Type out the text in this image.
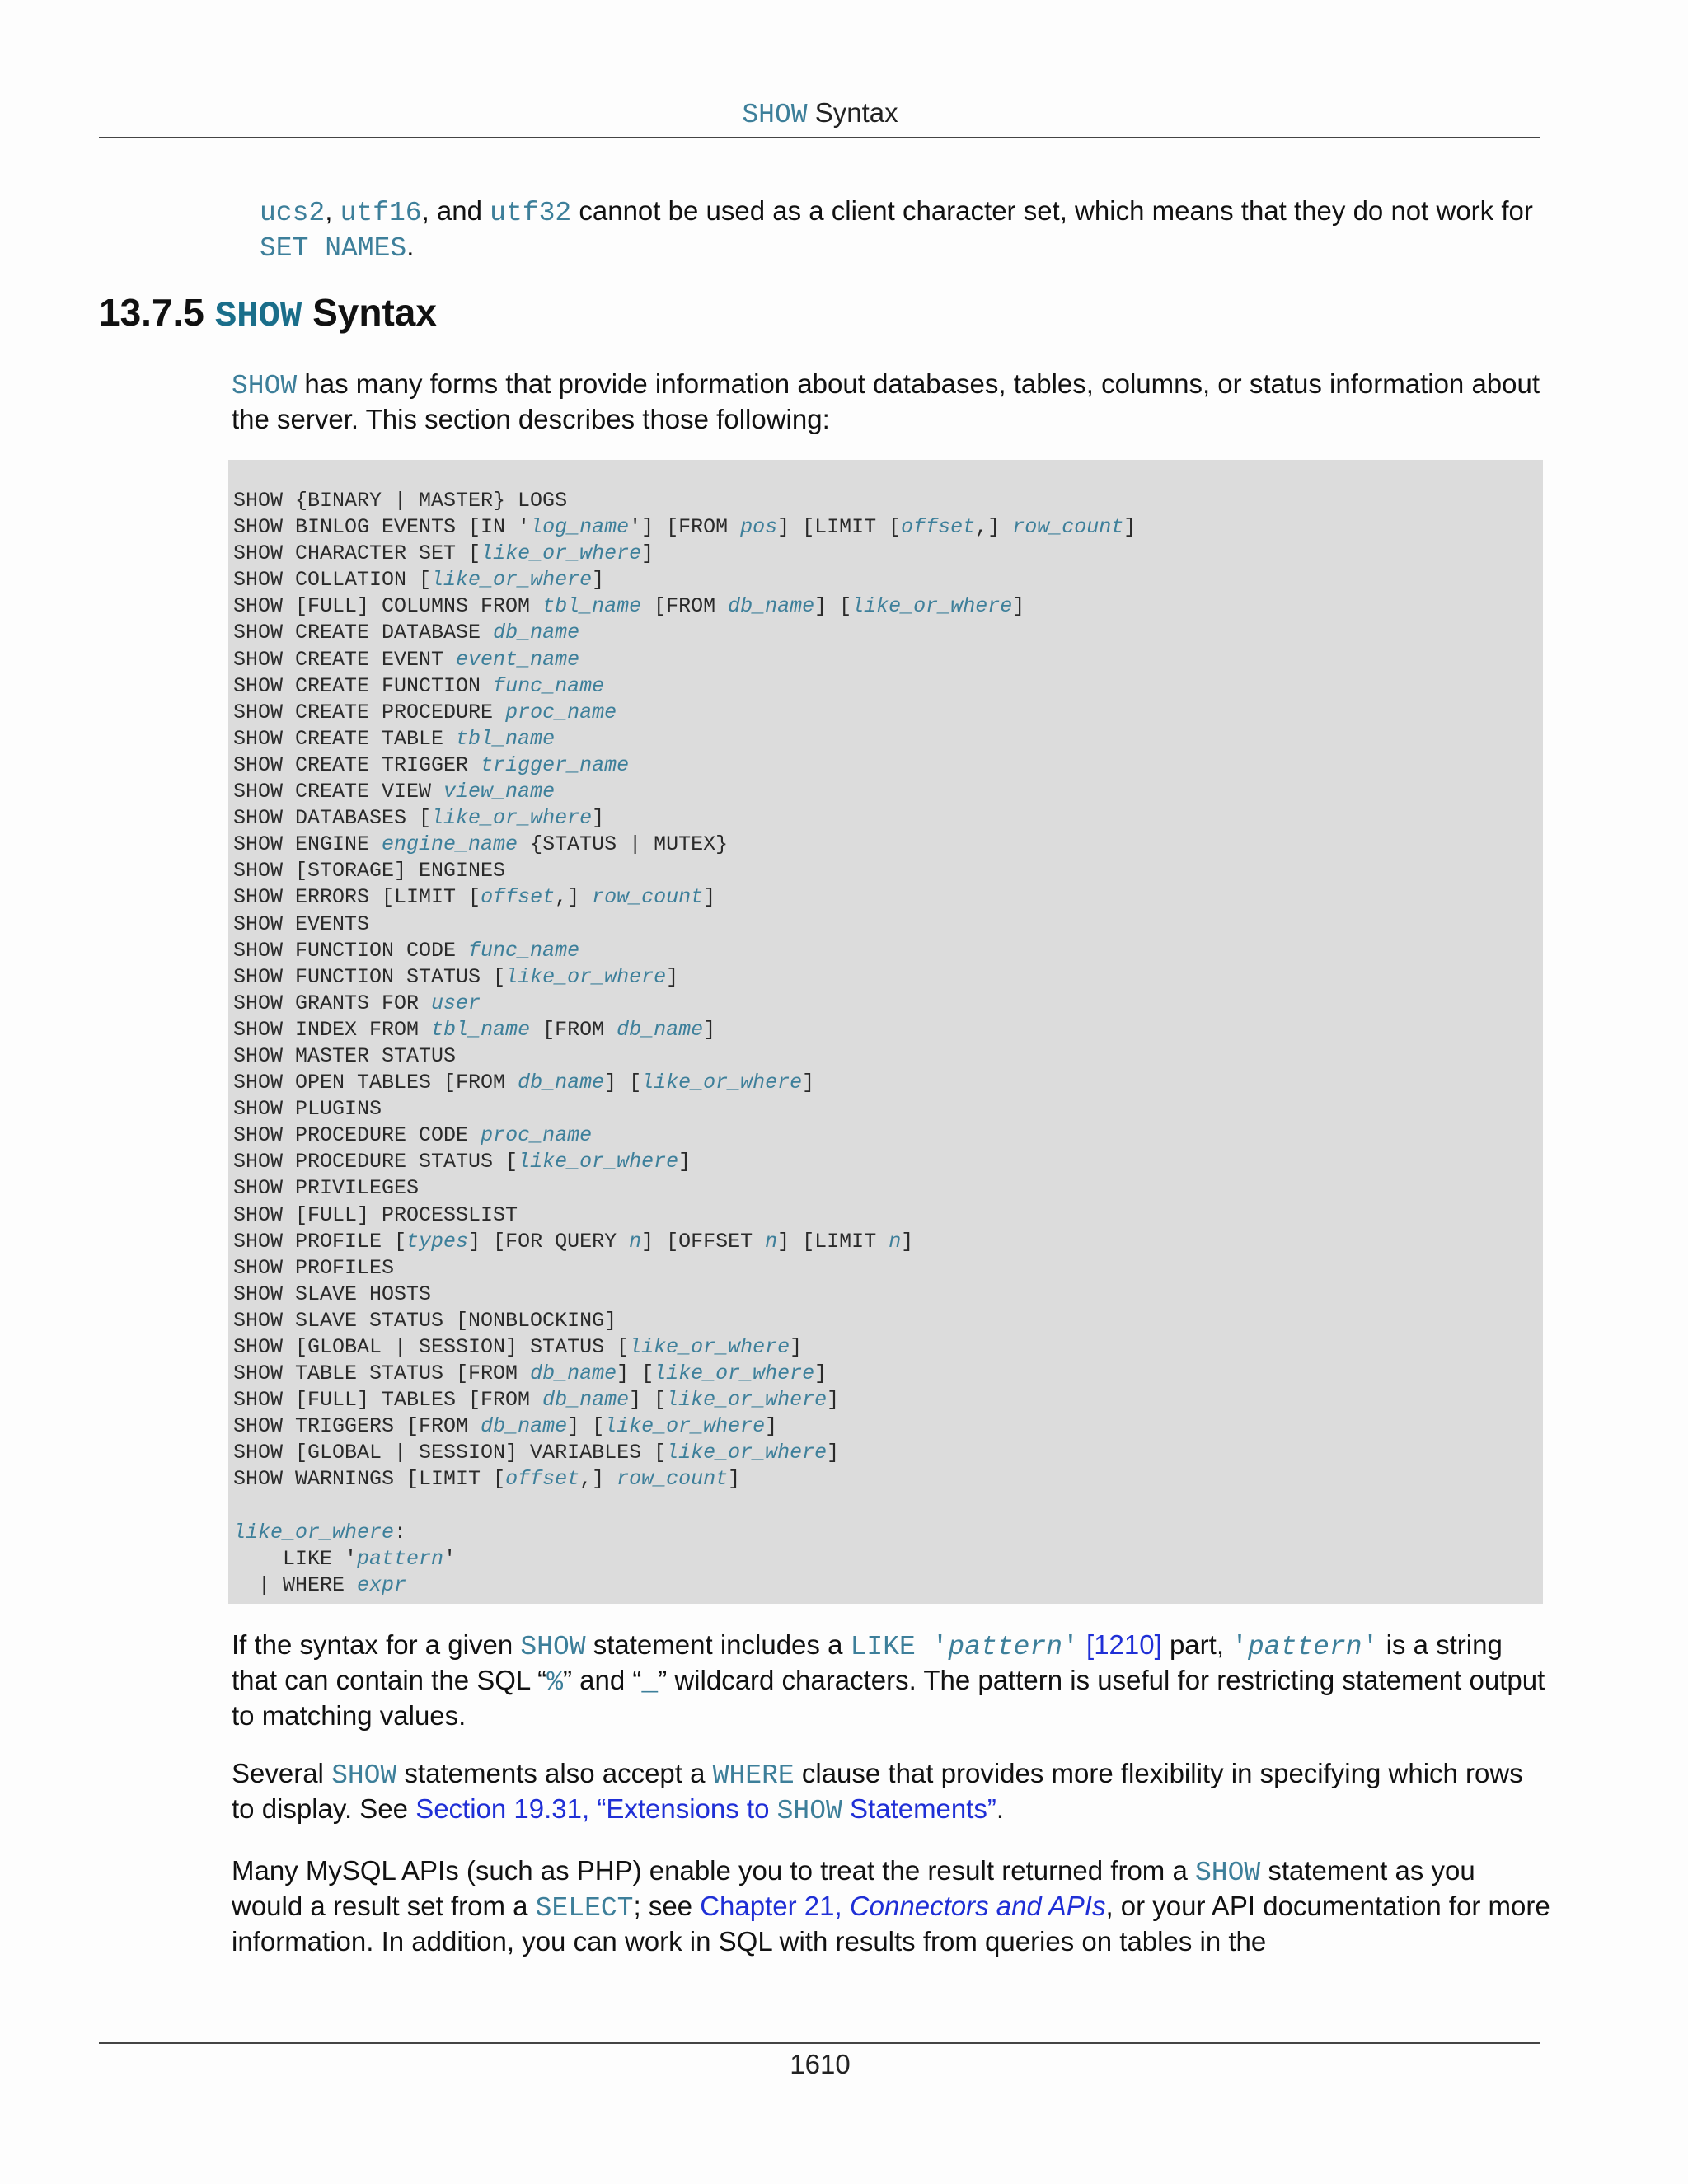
SHOW Syntax
ucs2, utf16, and utf32 cannot be used as a client character set, which means that they do not work for SET NAMES.
13.7.5 SHOW Syntax
SHOW has many forms that provide information about databases, tables, columns, or status information about the server. This section describes those following:
SHOW {BINARY | MASTER} LOGS
SHOW BINLOG EVENTS [IN 'log_name'] [FROM pos] [LIMIT [offset,] row_count]
SHOW CHARACTER SET [like_or_where]
SHOW COLLATION [like_or_where]
SHOW [FULL] COLUMNS FROM tbl_name [FROM db_name] [like_or_where]
SHOW CREATE DATABASE db_name
SHOW CREATE EVENT event_name
SHOW CREATE FUNCTION func_name
SHOW CREATE PROCEDURE proc_name
SHOW CREATE TABLE tbl_name
SHOW CREATE TRIGGER trigger_name
SHOW CREATE VIEW view_name
SHOW DATABASES [like_or_where]
SHOW ENGINE engine_name {STATUS | MUTEX}
SHOW [STORAGE] ENGINES
SHOW ERRORS [LIMIT [offset,] row_count]
SHOW EVENTS
SHOW FUNCTION CODE func_name
SHOW FUNCTION STATUS [like_or_where]
SHOW GRANTS FOR user
SHOW INDEX FROM tbl_name [FROM db_name]
SHOW MASTER STATUS
SHOW OPEN TABLES [FROM db_name] [like_or_where]
SHOW PLUGINS
SHOW PROCEDURE CODE proc_name
SHOW PROCEDURE STATUS [like_or_where]
SHOW PRIVILEGES
SHOW [FULL] PROCESSLIST
SHOW PROFILE [types] [FOR QUERY n] [OFFSET n] [LIMIT n]
SHOW PROFILES
SHOW SLAVE HOSTS
SHOW SLAVE STATUS [NONBLOCKING]
SHOW [GLOBAL | SESSION] STATUS [like_or_where]
SHOW TABLE STATUS [FROM db_name] [like_or_where]
SHOW [FULL] TABLES [FROM db_name] [like_or_where]
SHOW TRIGGERS [FROM db_name] [like_or_where]
SHOW [GLOBAL | SESSION] VARIABLES [like_or_where]
SHOW WARNINGS [LIMIT [offset,] row_count]

like_or_where:
LIKE 'pattern'
| WHERE expr
If the syntax for a given SHOW statement includes a LIKE 'pattern' [1210] part, 'pattern' is a string that can contain the SQL “%” and “_” wildcard characters. The pattern is useful for restricting statement output to matching values.
Several SHOW statements also accept a WHERE clause that provides more flexibility in specifying which rows to display. See Section 19.31, “Extensions to SHOW Statements”.
Many MySQL APIs (such as PHP) enable you to treat the result returned from a SHOW statement as you would a result set from a SELECT; see Chapter 21, Connectors and APIs, or your API documentation for more information. In addition, you can work in SQL with results from queries on tables in the
1610
